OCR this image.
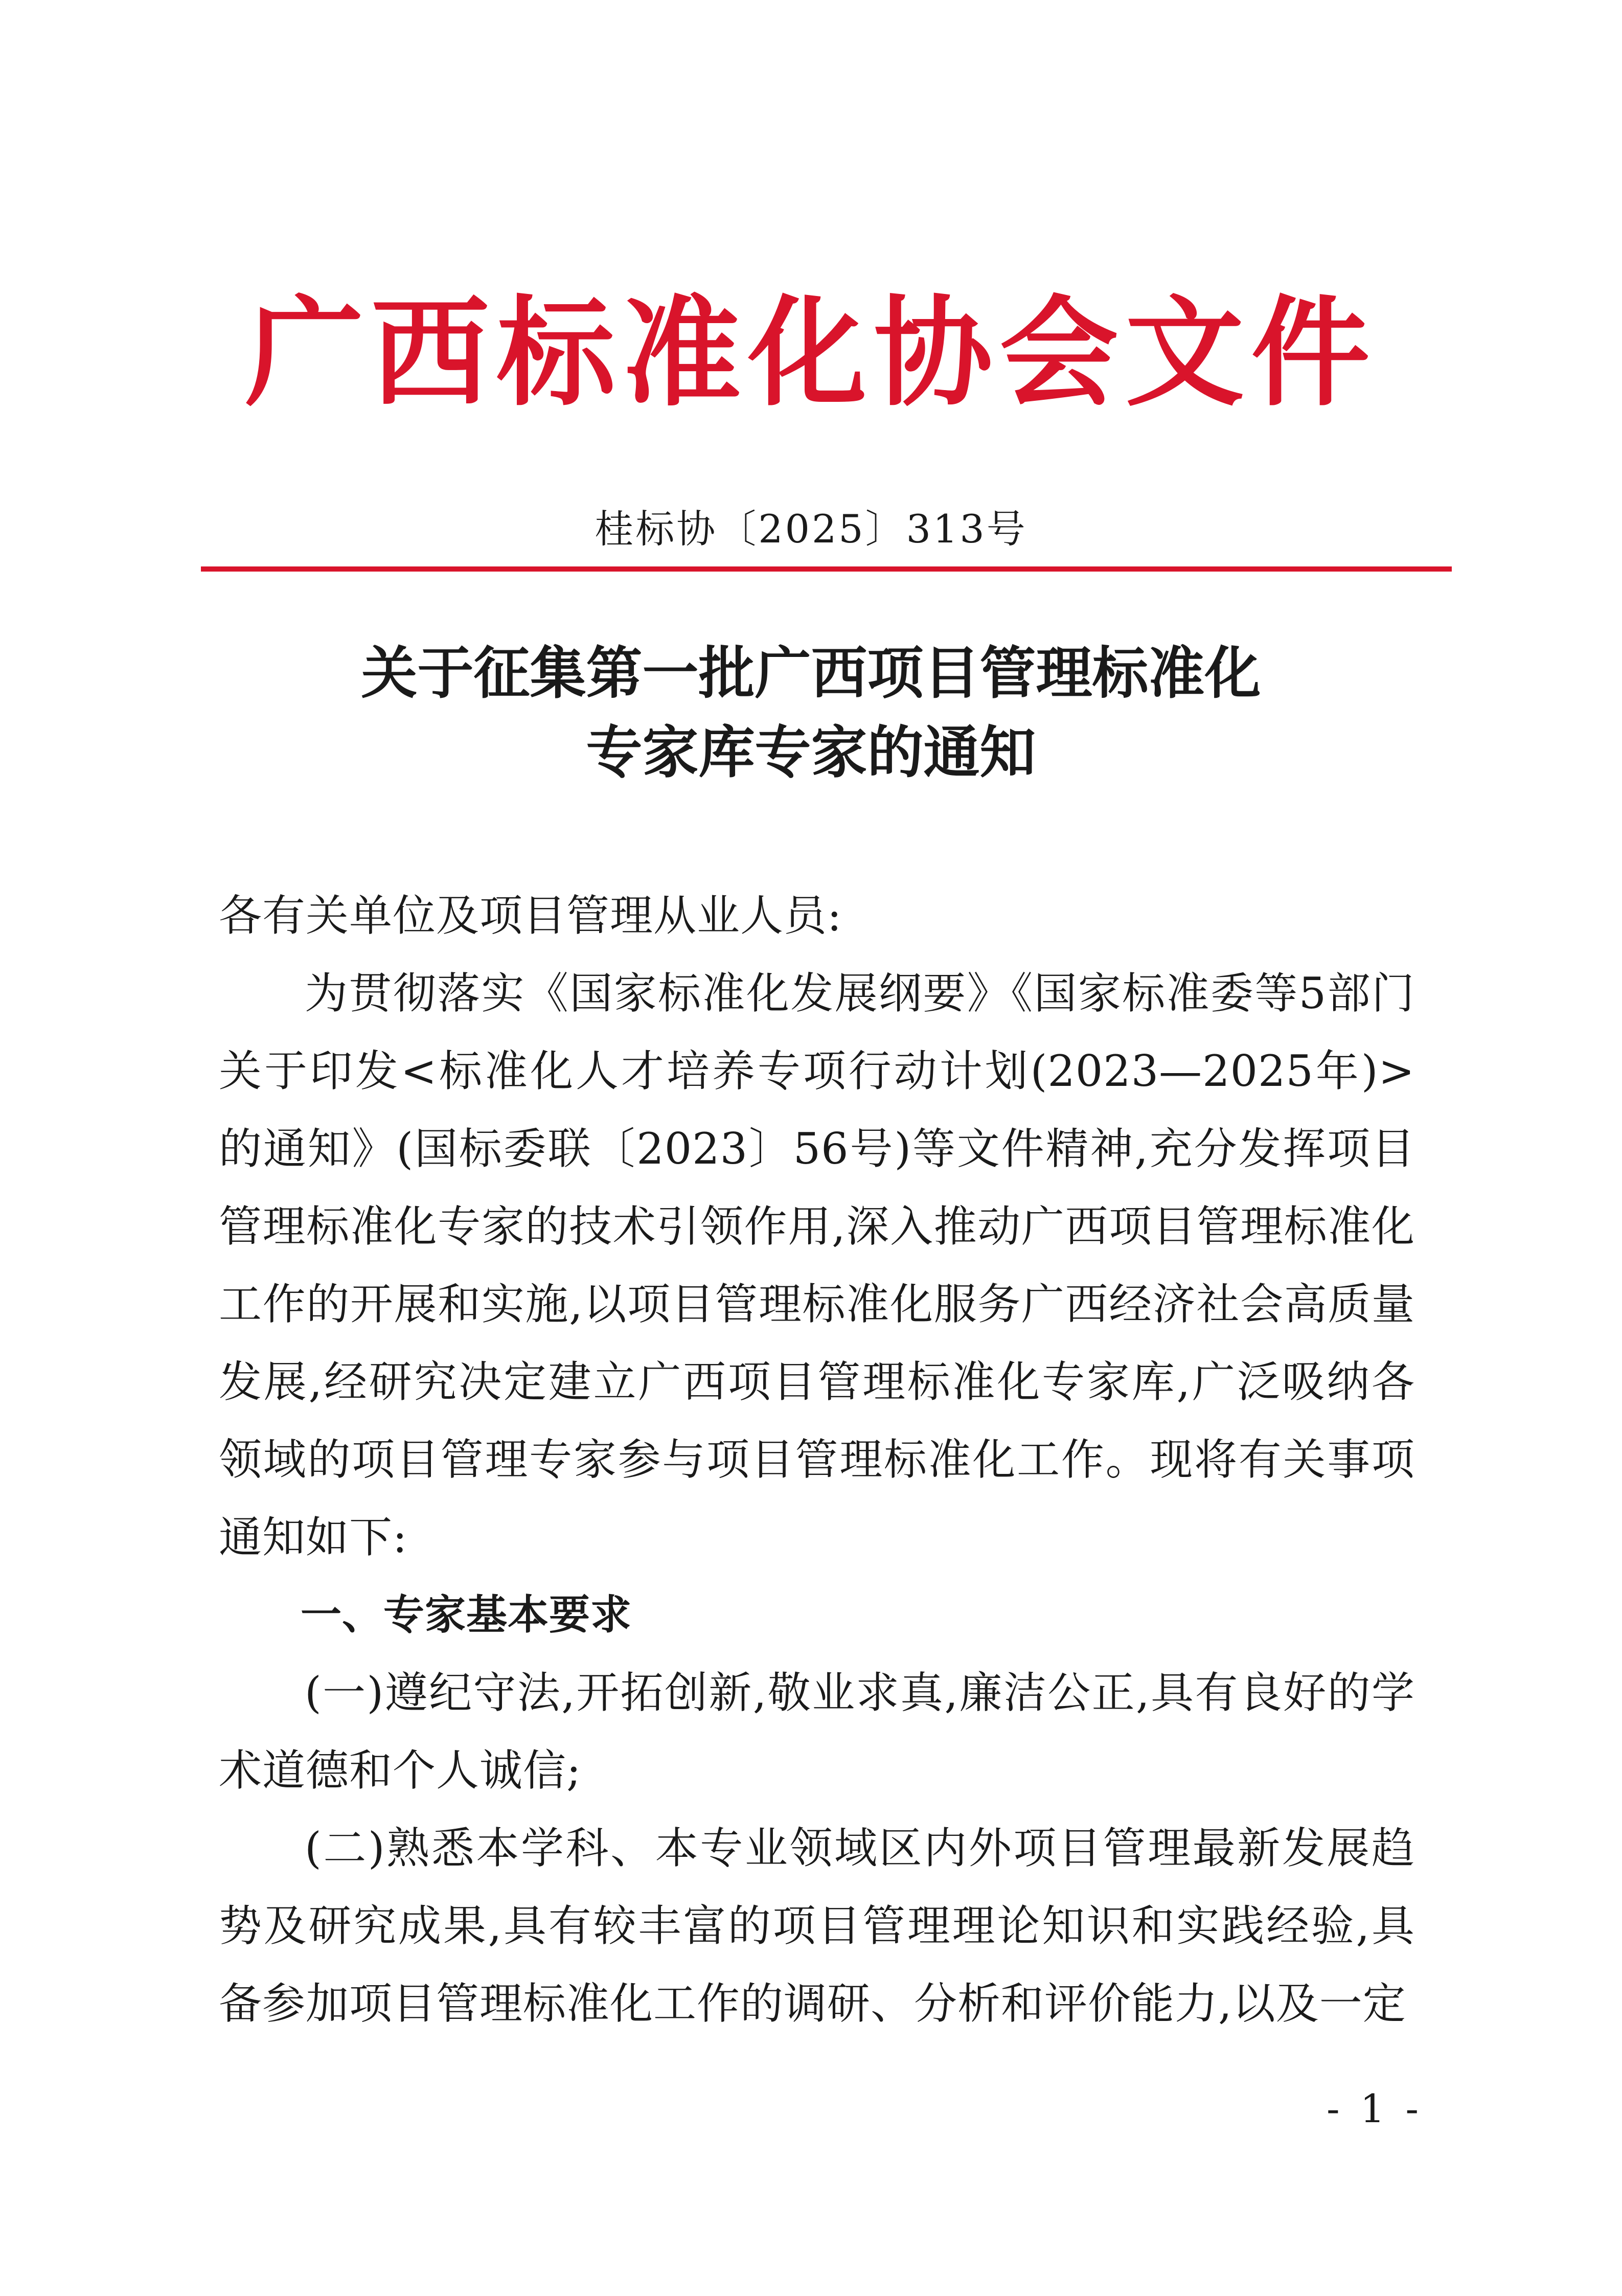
广西标准化协会文件
桂标协〔2025〕313号
关于征集第一批广西项目管理标准化
专家库专家的通知

各有关单位及项目管理从业人员:

为贯彻落实《国家标准化发展纲要》《国家标准委等5部门关于印发<标准化人才培养专项行动计划(2023—2025年)>的通知》(国标委联〔2023〕56号)等文件精神,充分发挥项目管理标准化专家的技术引领作用,深入推动广西项目管理标准化工作的开展和实施,以项目管理标准化服务广西经济社会高质量发展,经研究决定建立广西项目管理标准化专家库,广泛吸纳各领域的项目管理专家参与项目管理标准化工作。现将有关事项通知如下:

一、专家基本要求

(一)遵纪守法,开拓创新,敬业求真,廉洁公正,具有良好的学术道德和个人诚信;

(二)熟悉本学科、本专业领域区内外项目管理最新发展趋势及研究成果,具有较丰富的项目管理理论知识和实践经验,具备参加项目管理标准化工作的调研、分析和评价能力,以及一定

- 1 -
